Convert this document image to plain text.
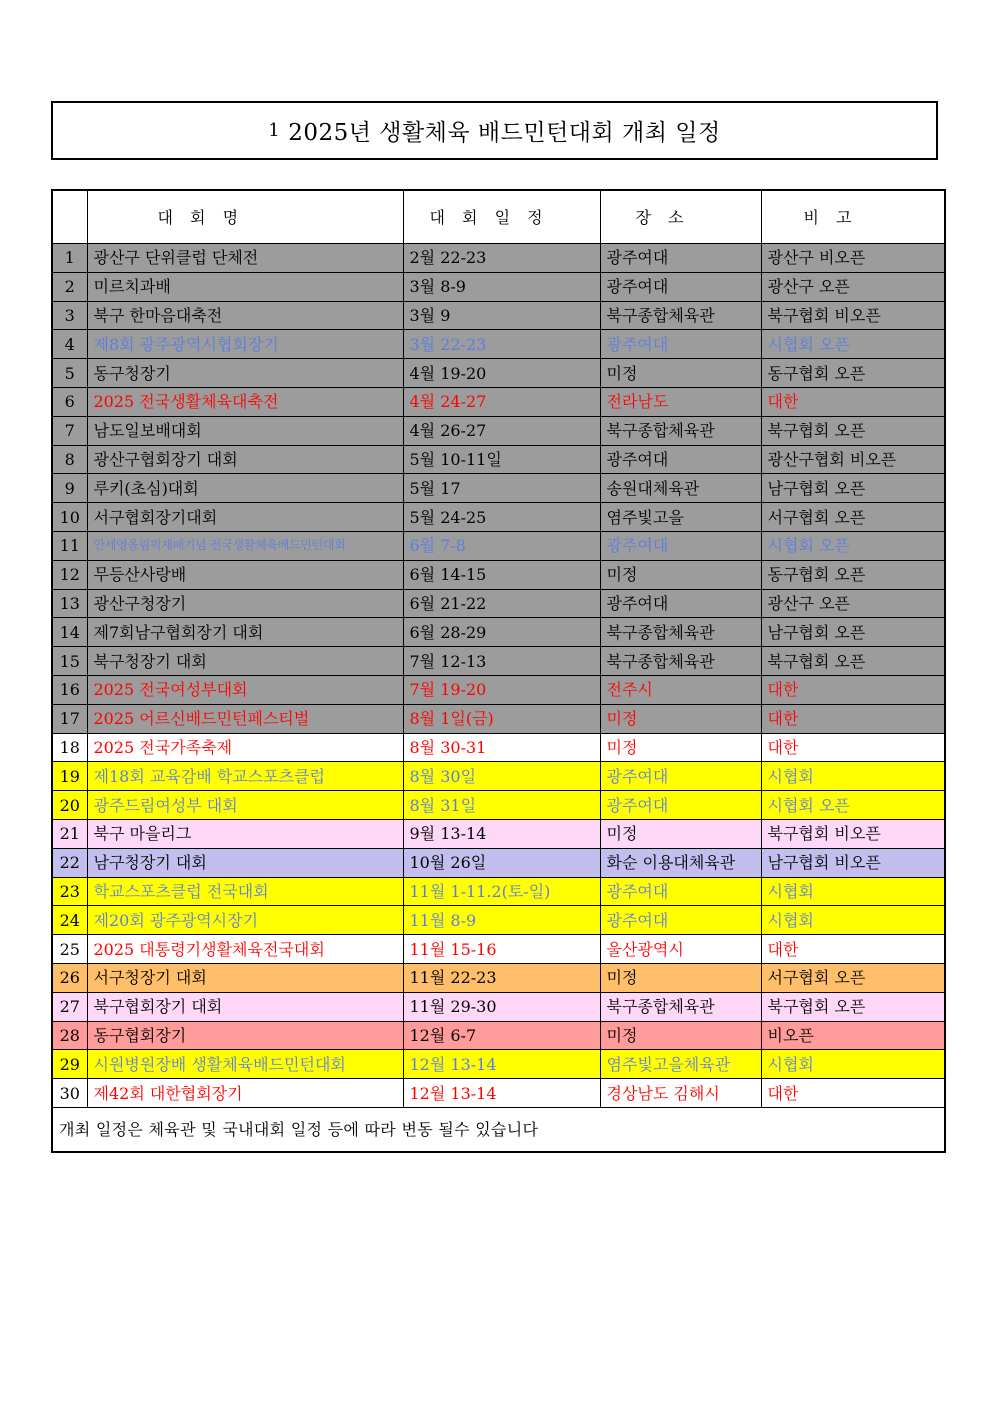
1 2025년 생활체육 배드민턴대회 개최 일정
	대 회 명	대 회 일 정	장 소	비 고
1	광산구 단위클럽 단체전	2월 22-23	광주여대	광산구 비오픈
2	미르치과배	3월 8-9	광주여대	광산구 오픈
3	북구 한마음대축전	3월 9	북구종합체육관	북구협회 비오픈
4	제8회 광주광역시협회장기	3월 22-23	광주여대	시협회 오픈
5	동구청장기	4월 19-20	미정	동구협회 오픈
6	2025 전국생활체육대축전	4월 24-27	전라남도	대한
7	남도일보배대회	4월 26-27	북구종합체육관	북구협회 오픈
8	광산구협회장기 대회	5월 10-11일	광주여대	광산구협회 비오픈
9	루키(초심)대회	5월 17	송원대체육관	남구협회 오픈
10	서구협회장기대회	5월 24-25	염주빛고을	서구협회 오픈
11	안세영올림픽재패기념 전국생활체육배드민턴대회	6월 7-8	광주여대	시협회 오픈
12	무등산사랑배	6월 14-15	미정	동구협회 오픈
13	광산구청장기	6월 21-22	광주여대	광산구 오픈
14	제7회남구협회장기 대회	6월 28-29	북구종합체육관	남구협회 오픈
15	북구청장기 대회	7월 12-13	북구종합체육관	북구협회 오픈
16	2025 전국여성부대회	7월 19-20	전주시	대한
17	2025 어르신배드민턴페스티벌	8월 1일(금)	미정	대한
18	2025 전국가족축제	8월 30-31	미정	대한
19	제18회 교육감배 학교스포츠클럽	8월 30일	광주여대	시협회
20	광주드림여성부 대회	8월 31일	광주여대	시협회 오픈
21	북구 마을리그	9월 13-14	미정	북구협회 비오픈
22	남구청장기 대회	10월 26일	화순 이용대체육관	남구협회 비오픈
23	학교스포츠클럽 전국대회	11월 1-11.2(토-일)	광주여대	시협회
24	제20회 광주광역시장기	11월 8-9	광주여대	시협회
25	2025 대통령기생활체육전국대회	11월 15-16	울산광역시	대한
26	서구청장기 대회	11월 22-23	미정	서구협회 오픈
27	북구협회장기 대회	11월 29-30	북구종합체육관	북구협회 오픈
28	동구협회장기	12월 6-7	미정	비오픈
29	시원병원장배 생활체육배드민턴대회	12월 13-14	염주빛고을체육관	시협회
30	제42회 대한협회장기	12월 13-14	경상남도 김해시	대한
개최 일정은 체육관 및 국내대회 일정 등에 따라 변동 될수 있습니다				
